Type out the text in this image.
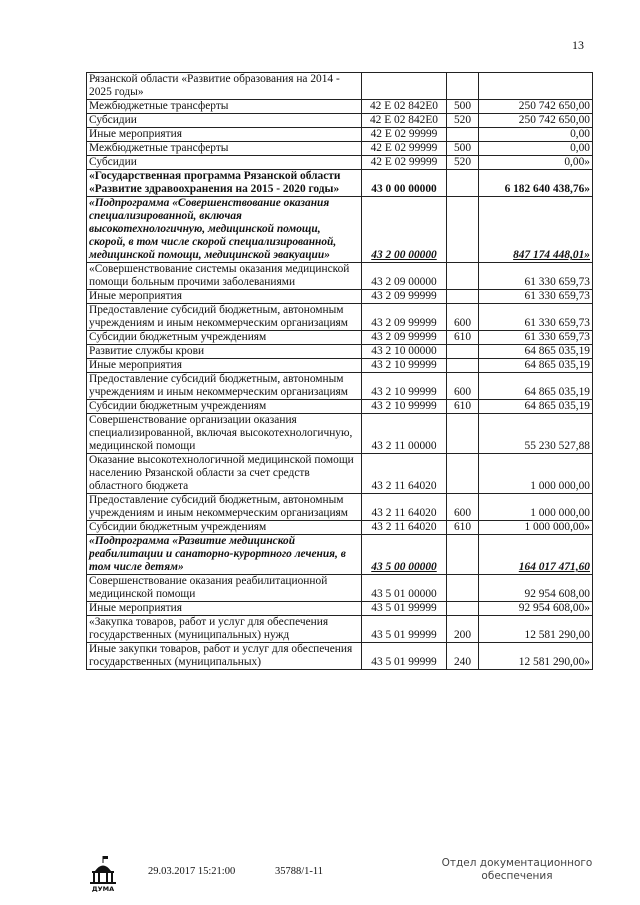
13
Рязанской области «Развитие образования на 2014 - 2025 годы»			
Межбюджетные трансферты	42 Е 02 842Е0	500	250 742 650,00
Субсидии	42 Е 02 842Е0	520	250 742 650,00
Иные мероприятия	42 Е 02 99999		0,00
Межбюджетные трансферты	42 Е 02 99999	500	0,00
Субсидии	42 Е 02 99999	520	0,00»
«Государственная программа Рязанской области «Развитие здравоохранения на 2015 - 2020 годы»	43 0 00 00000		6 182 640 438,76»
«Подпрограмма «Совершенствование оказания специализированной, включая высокотехнологичную, медицинской помощи, скорой, в том числе скорой специализированной, медицинской помощи, медицинской эвакуации»	43 2 00 00000		847 174 448,01»
«Совершенствование системы оказания медицинской помощи больным прочими заболеваниями	43 2 09 00000		61 330 659,73
Иные мероприятия	43 2 09 99999		61 330 659,73
Предоставление субсидий бюджетным, автономным учреждениям и иным некоммерческим организациям	43 2 09 99999	600	61 330 659,73
Субсидии бюджетным учреждениям	43 2 09 99999	610	61 330 659,73
Развитие службы крови	43 2 10 00000		64 865 035,19
Иные мероприятия	43 2 10 99999		64 865 035,19
Предоставление субсидий бюджетным, автономным учреждениям и иным некоммерческим организациям	43 2 10 99999	600	64 865 035,19
Субсидии бюджетным учреждениям	43 2 10 99999	610	64 865 035,19
Совершенствование организации оказания специализированной, включая высокотехнологичную, медицинской помощи	43 2 11 00000		55 230 527,88
Оказание высокотехнологичной медицинской помощи населению Рязанской области за счет средств областного бюджета	43 2 11 64020		1 000 000,00
Предоставление субсидий бюджетным, автономным учреждениям и иным некоммерческим организациям	43 2 11 64020	600	1 000 000,00
Субсидии бюджетным учреждениям	43 2 11 64020	610	1 000 000,00»
«Подпрограмма «Развитие медицинской реабилитации и санаторно-курортного лечения, в том числе детям»	43 5 00 00000		164 017 471,60
Совершенствование оказания реабилитационной медицинской помощи	43 5 01 00000		92 954 608,00
Иные мероприятия	43 5 01 99999		92 954 608,00»
«Закупка товаров, работ и услуг для обеспечения государственных (муниципальных) нужд	43 5 01 99999	200	12 581 290,00
Иные закупки товаров, работ и услуг для обеспечения государственных (муниципальных)	43 5 01 99999	240	12 581 290,00»
ДУМА
29.03.2017 15:21:00	35788/1-11
Отдел документационного
обеспечения
